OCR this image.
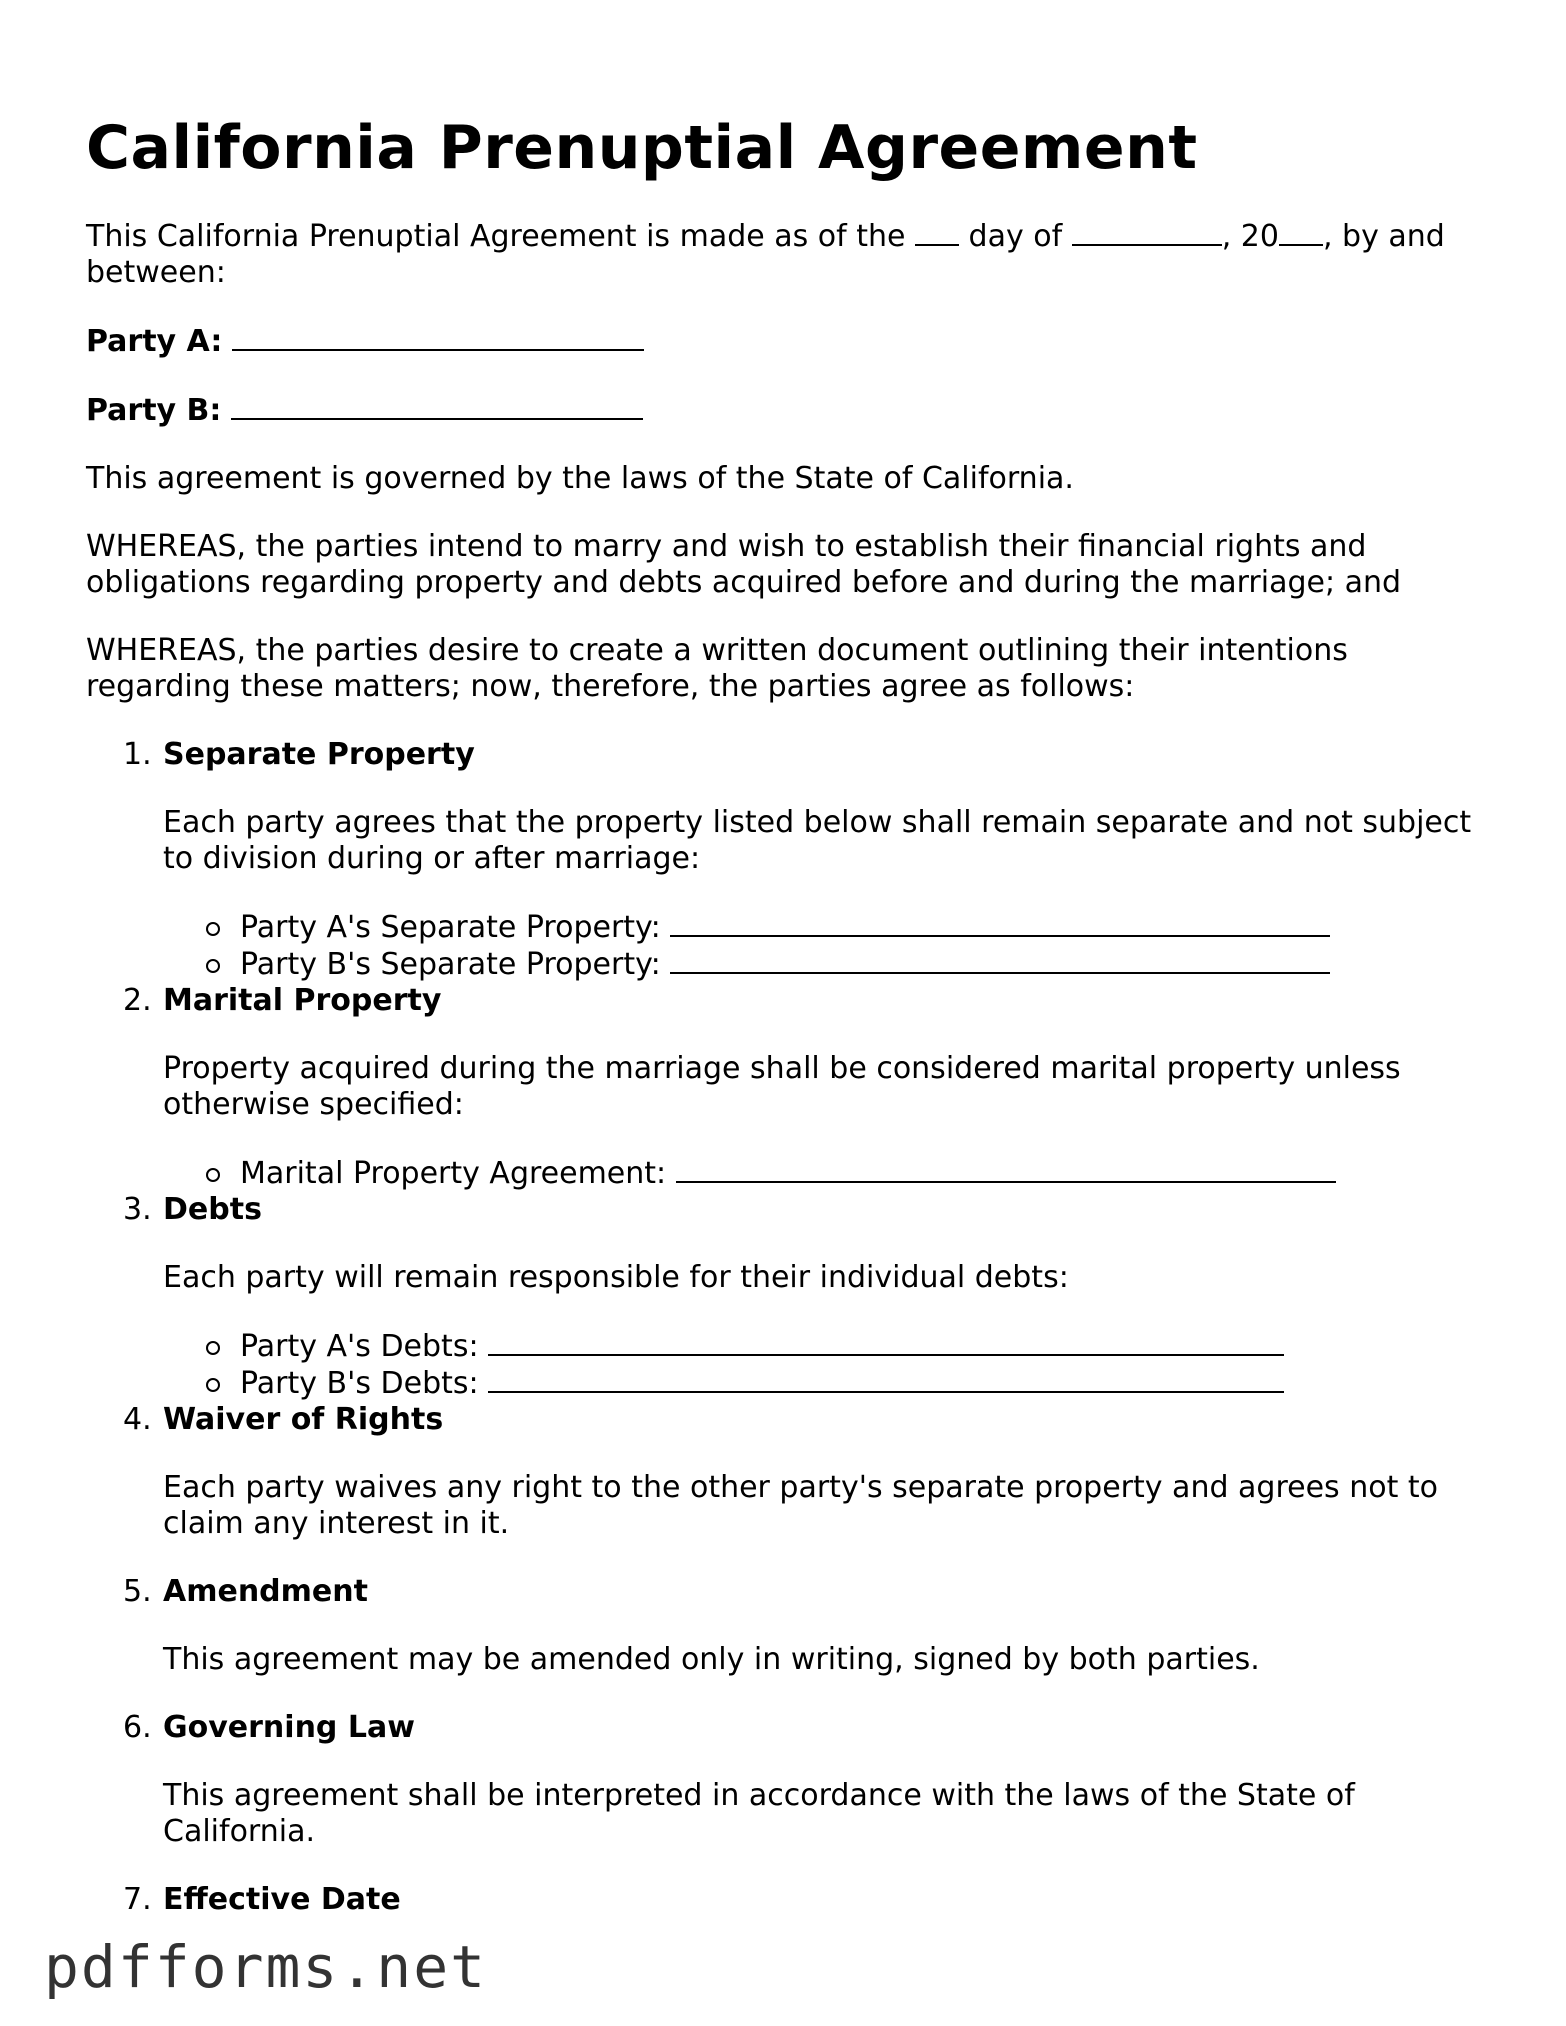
California Prenuptial Agreement

This California Prenuptial Agreement is made as of the  day of	, 20 , by and between:

Party A:

Party B:

This agreement is governed by the laws of the State of California.

WHEREAS, the parties intend to marry and wish to establish their financial rights and obligations regarding property and debts acquired before and during the marriage; and

WHEREAS, the parties desire to create a written document outlining their intentions regarding these matters; now, therefore, the parties agree as follows:

1. Separate Property

Each party agrees that the property listed below shall remain separate and not subject to division during or after marriage:

Party A's Separate Property:
Party B's Separate Property:
2. Marital Property

Property acquired during the marriage shall be considered marital property unless otherwise specified:

Marital Property Agreement:
3. Debts

Each party will remain responsible for their individual debts:

Party A's Debts:
Party B's Debts:
4. Waiver of Rights

Each party waives any right to the other party's separate property and agrees not to claim any interest in it.

5. Amendment

This agreement may be amended only in writing, signed by both parties.

6. Governing Law

This agreement shall be interpreted in accordance with the laws of the State of California.

7. Effective Date
pdfforms.net
